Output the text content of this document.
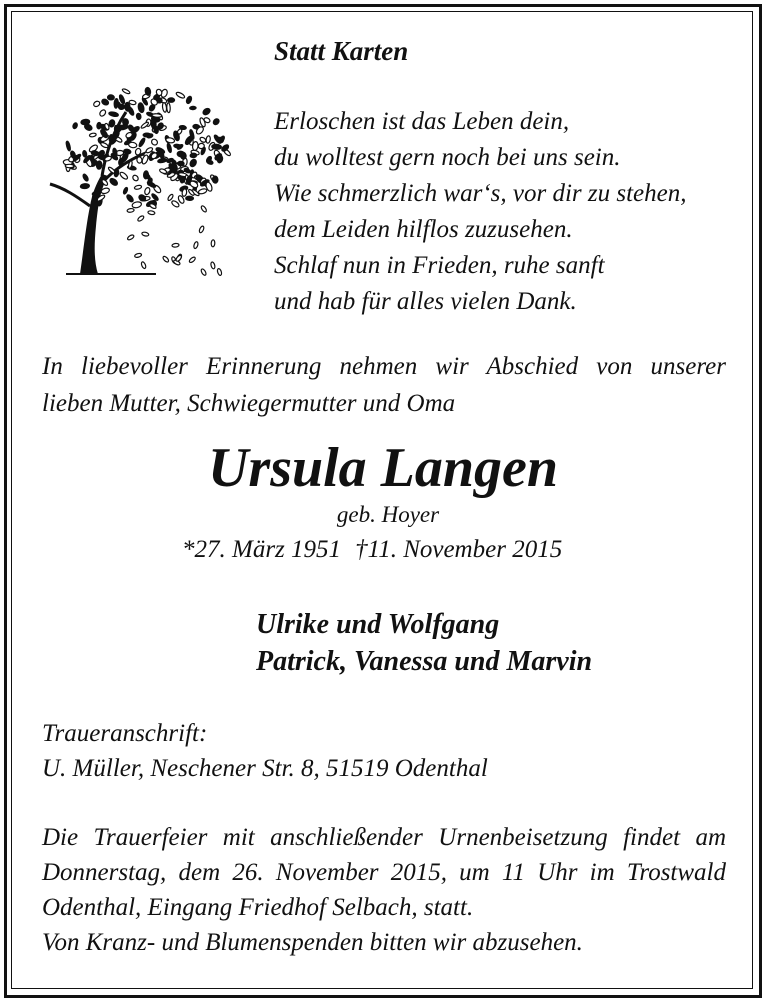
Statt Karten
Erloschen ist das Leben dein,
du wolltest gern noch bei uns sein.
Wie schmerzlich war‘s, vor dir zu stehen,
dem Leiden hilflos zuzusehen.
Schlaf nun in Frieden, ruhe sanft
und hab für alles vielen Dank.
In liebevoller Erinnerung nehmen wir Abschied von unserer
lieben Mutter, Schwiegermutter und Oma
Ursula Langen
geb. Hoyer
*27. März 1951 †11. November 2015
Ulrike und Wolfgang
Patrick, Vanessa und Marvin
Traueranschrift:
U. Müller, Neschener Str. 8, 51519 Odenthal
Die Trauerfeier mit anschließender Urnenbeisetzung findet am
Donnerstag, dem 26. November 2015, um 11 Uhr im Trostwald
Odenthal, Eingang Friedhof Selbach, statt.
Von Kranz- und Blumenspenden bitten wir abzusehen.
